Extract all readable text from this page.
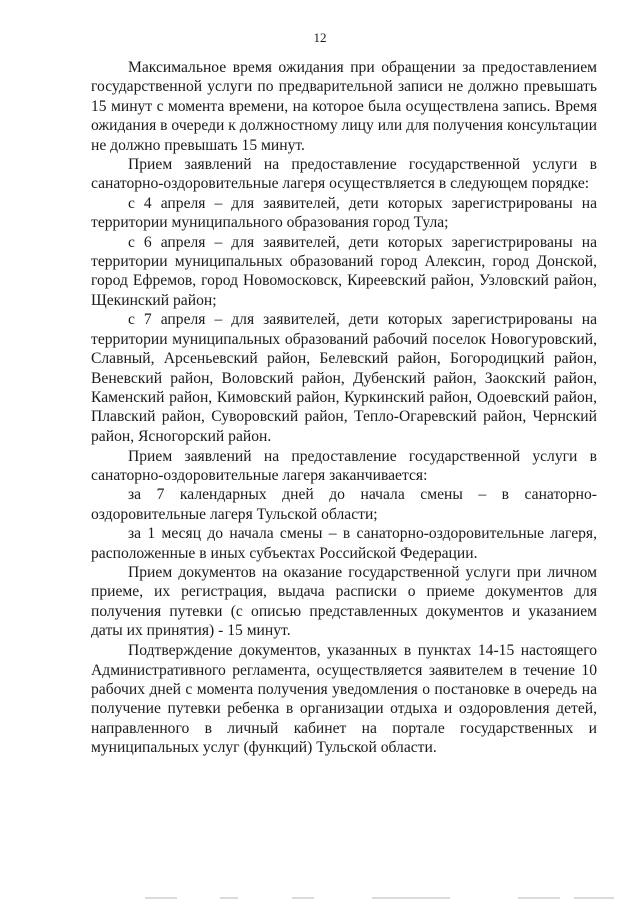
12

Максимальное время ожидания при обращении за предоставлением государственной услуги по предварительной записи не должно превышать 15 минут с момента времени, на которое была осуществлена запись. Время ожидания в очереди к должностному лицу или для получения консультации не должно превышать 15 минут.

Прием заявлений на предоставление государственной услуги в санаторно-оздоровительные лагеря осуществляется в следующем порядке:

с 4 апреля – для заявителей, дети которых зарегистрированы на территории муниципального образования город Тула;

с 6 апреля – для заявителей, дети которых зарегистрированы на территории муниципальных образований город Алексин, город Донской, город Ефремов, город Новомосковск, Киреевский район, Узловский район, Щекинский район;

с 7 апреля – для заявителей, дети которых зарегистрированы на территории муниципальных образований рабочий поселок Новогуровский, Славный, Арсеньевский район, Белевский район, Богородицкий район, Веневский район, Воловский район, Дубенский район, Заокский район, Каменский район, Кимовский район, Куркинский район, Одоевский район, Плавский район, Суворовский район, Тепло-Огаревский район, Чернский район, Ясногорский район.

Прием заявлений на предоставление государственной услуги в санаторно-оздоровительные лагеря заканчивается:

за 7 календарных дней до начала смены – в санаторно-оздоровительные лагеря Тульской области;

за 1 месяц до начала смены – в санаторно-оздоровительные лагеря, расположенные в иных субъектах Российской Федерации.

Прием документов на оказание государственной услуги при личном приеме, их регистрация, выдача расписки о приеме документов для получения путевки (с описью представленных документов и указанием даты их принятия) - 15 минут.

Подтверждение документов, указанных в пунктах 14-15 настоящего Административного регламента, осуществляется заявителем в течение 10 рабочих дней с момента получения уведомления о постановке в очередь на получение путевки ребенка в организации отдыха и оздоровления детей, направленного в личный кабинет на портале государственных и муниципальных услуг (функций) Тульской области.
